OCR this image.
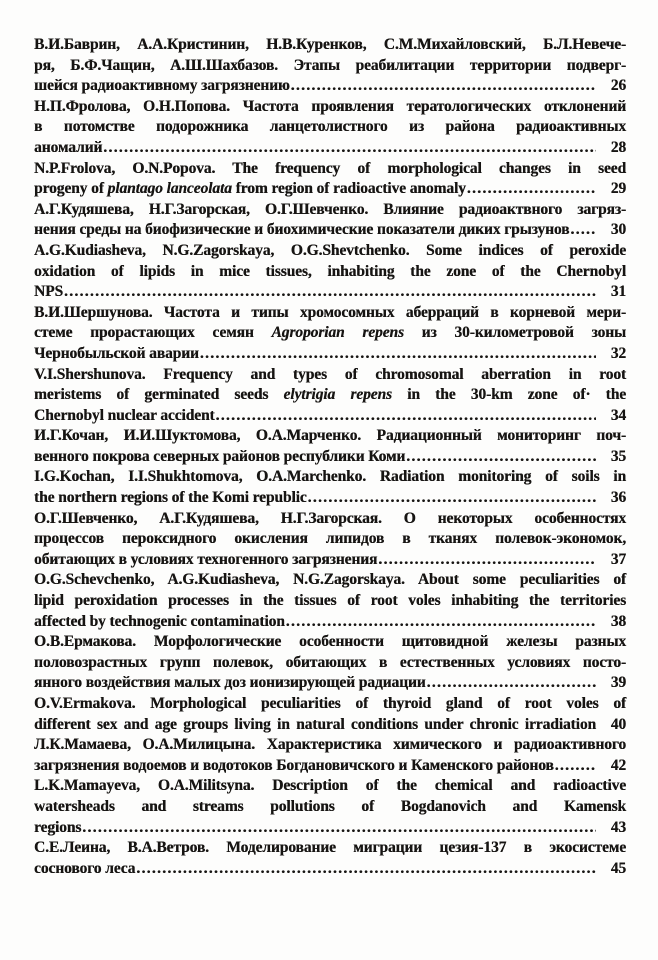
В.И.Баврин, А.А.Кристинин, Н.В.Куренков, С.М.Михайловский, Б.Л.Невече-
ря, Б.Ф.Чащин, А.Ш.Шахбазов. Этапы реабилитации территории подверг-
шейся радиоактивному загрязнению .....	26
Н.П.Фролова, О.Н.Попова. Частота проявления тератологических отклонений
в потомстве подорожника ланцетолистного из района радиоактивных
аномалий .....	28
N.P.Frolova, O.N.Popova. The frequency of morphological changes in seed
progeny of plantago lanceolata from region of radioactive anomaly .....	29
А.Г.Кудяшева, Н.Г.Загорская, О.Г.Шевченко. Влияние радиоактвного загряз-
нения среды на биофизические и биохимические показатели диких грызунов .....	30
A.G.Kudiasheva, N.G.Zagorskaya, O.G.Shevtchenko. Some indices of peroxide
oxidation of lipids in mice tissues, inhabiting the zone of the Chernobyl
NPS .....	31
В.И.Шершунова. Частота и типы хромосомных аберраций в корневой мери-
стеме прорастающих семян Agroporian repens из 30-километровой зоны
Чернобыльской аварии .....	32
V.I.Shershunova. Frequency and types of chromosomal aberration in root
meristems of germinated seeds elytrigia repens in the 30-km zone of· the
Chernobyl nuclear accident .....	34
И.Г.Кочан, И.И.Шуктомова, О.А.Марченко. Радиационный мониторинг поч-
венного покрова северных районов республики Коми .....	35
I.G.Kochan, I.I.Shukhtomova, O.A.Marchenko. Radiation monitoring of soils in
the northern regions of the Komi republic .....	36
О.Г.Шевченко, А.Г.Кудяшева, Н.Г.Загорская. О некоторых особенностях
процессов пероксидного окисления липидов в тканях полевок-экономок,
обитающих в условиях техногенного загрязнения .....	37
O.G.Schevchenko, A.G.Kudiasheva, N.G.Zagorskaya. About some peculiarities of
lipid peroxidation processes in the tissues of root voles inhabiting the territories
affected by technogenic contamination .....	38
О.В.Ермакова. Морфологические особенности щитовидной железы разных
половозрастных групп полевок, обитающих в естественных условиях посто-
янного воздействия малых доз ионизирующей радиации .....	39
O.V.Ermakova. Morphological peculiarities of thyroid gland of root voles of
different sex and age groups living in natural conditions under chronic irradiation 40
Л.К.Мамаева, О.А.Милицына. Характеристика химического и радиоактивного
загрязнения водоемов и водотоков Богдановичского и Каменского районов .....	42
L.K.Mamayeva, O.A.Militsyna. Description of the chemical and radioactive
watersheads and streams pollutions of Bogdanovich and Kamensk
regions .....	43
С.Е.Леина, В.А.Ветров. Моделирование миграции цезия-137 в экосистеме
соснового леса .....	45
